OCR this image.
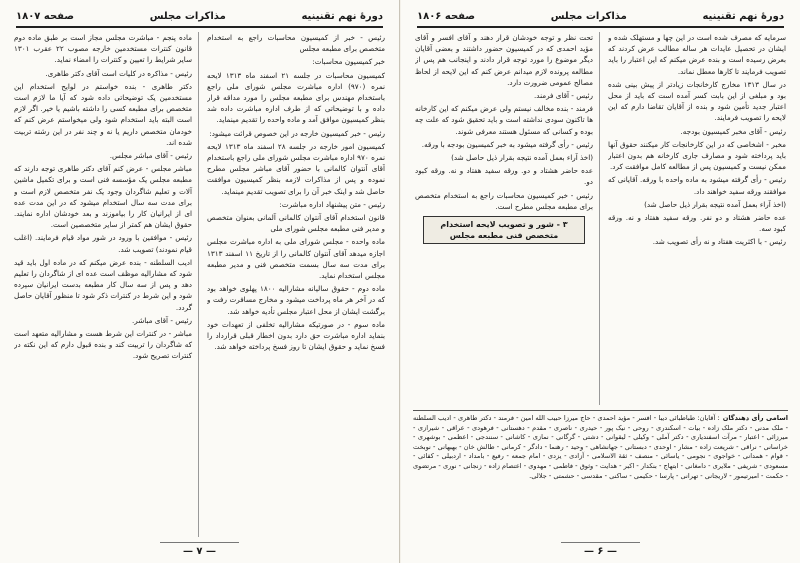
صفحه ۱۸۰۷	مذاکرات مجلس	دورهٔ نهم تقنینیه

رئیس - خبر از کمیسیون محاسبات راجع به استخدام متخصص برای مطبعه مجلس

خبر کمیسیون محاسبات:

کمیسیون محاسبات در جلسه ۲۱ اسفند ماه ۱۳۱۳ لایحه نمره (۹۷۰) اداره مباشرت مجلس شورای ملی راجع باستخدام مهندس برای مطبعه مجلس را مورد مداقه قرار داده و با توضیحاتی که از طرف اداره مباشرت داده شد بنظر کمیسیون موافق آمد و ماده واحده را تقدیم مینماید.

رئیس - خبر کمیسیون خارجه در این خصوص قرائت میشود:

کمیسیون امور خارجه در جلسه ۲۸ اسفند ماه ۱۳۱۳ لایحه نمره ۹۷۰ اداره مباشرت مجلس شورای ملی راجع باستخدام آقای آنتوان کالمانی با حضور آقای مباشر مجلس مطرح نموده و پس از مذاکرات لازمه بنظر کمیسیون موافقت حاصل شد و اینک خبر آن را برای تصویب تقدیم مینماید.

رئیس - متن پیشنهاد اداره مباشرت:

قانون استخدام آقای آنتوان کالمانی آلمانی بعنوان متخصص و مدیر فنی مطبعه مجلس شورای ملی

ماده واحده - مجلس شورای ملی به اداره مباشرت مجلس اجازه میدهد آقای آنتوان کالمانی را از تاریخ ۱۱ اسفند ۱۳۱۳ برای مدت سه سال بسمت متخصص فنی و مدیر مطبعه مجلس استخدام نماید.

ماده دوم - حقوق سالیانه مشارالیه ۱۸۰۰ پهلوی خواهد بود که در آخر هر ماه پرداخت میشود و مخارج مسافرت رفت و برگشت ایشان از محل اعتبار مجلس تأدیه خواهد شد.

ماده سوم - در صورتیکه مشارالیه تخلفی از تعهدات خود بنماید اداره مباشرت حق دارد بدون اخطار قبلی قرارداد را فسخ نماید و حقوق ایشان تا روز فسخ پرداخته خواهد شد.

ماده پنجم - مباشرت مجلس مجاز است بر طبق ماده دوم قانون کنترات مستخدمین خارجه مصوب ۲۲ عقرب ۱۳۰۱ سایر شرایط را تعیین و کنترات را امضاء نماید.

رئیس - مذاکره در کلیات است آقای دکتر طاهری.

دکتر طاهری - بنده خواستم در لوایح استخدام این مستخدمین یک توضیحاتی داده شود که آیا ما لازم است متخصص برای مطبعه کسی را داشته باشیم یا خیر. اگر لازم است البته باید استخدام شود ولی میخواستم عرض کنم که خودمان متخصص داریم یا نه و چند نفر در این رشته تربیت شده اند.

رئیس - آقای مباشر مجلس.

مباشر مجلس - عرض کنم آقای دکتر طاهری توجه دارند که مطبعه مجلس یک مؤسسه فنی است و برای تکمیل ماشین آلات و تعلیم شاگردان وجود یک نفر متخصص لازم است و برای مدت سه سال استخدام میشود که در این مدت عده ای از ایرانیان کار را بیاموزند و بعد خودشان اداره نمایند. حقوق ایشان هم کمتر از سایر متخصصین است.

رئیس - موافقین با ورود در شور مواد قیام فرمایند. (اغلب قیام نمودند) تصویب شد.

ادیب السلطنه - بنده عرض میکنم که در ماده اول باید قید شود که مشارالیه موظف است عده ای از شاگردان را تعلیم دهد و پس از سه سال کار مطبعه بدست ایرانیان سپرده شود و این شرط در کنترات ذکر شود تا منظور آقایان حاصل گردد.

رئیس - آقای مباشر.

مباشر - در کنترات این شرط هست و مشارالیه متعهد است که شاگردان را تربیت کند و بنده قبول دارم که این نکته در کنترات تصریح شود.

— ۷ —
صفحه ۱۸۰۶	مذاکرات مجلس	دورهٔ نهم تقنینیه

سرمایه که مصرف شده است در این چها و مستهلک شده و ایشان در تحصیل عایدات هر ساله مطالب عرض کردند که بعرض رسیده است و بنده عرض میکنم که این اعتبار را باید تصویب فرمایند تا کارها معطل نماند.

در سال ۱۳۱۳ مخارج کارخانجات زیادتر از پیش بینی شده بود و مبلغی از این بابت کسر آمده است که باید از محل اعتبار جدید تأمین شود و بنده از آقایان تقاضا دارم که این لایحه را تصویب فرمایند.

رئیس - آقای مخبر کمیسیون بودجه.

مخبر - اشخاصی که در این کارخانجات کار میکنند حقوق آنها باید پرداخته شود و مصارف جاری کارخانه هم بدون اعتبار ممکن نیست و کمیسیون پس از مطالعه کامل موافقت کرد.

رئیس - رأی گرفته میشود به ماده واحده با ورقه. آقایانی که موافقند ورقه سفید خواهند داد.

(اخذ آراء بعمل آمده نتیجه بقرار ذیل حاصل شد)

عده حاضر هشتاد و دو نفر. ورقه سفید هفتاد و نه. ورقه کبود سه.

رئیس - با اکثریت هفتاد و نه رأی تصویب شد.

تحت نظر و توجه خودشان قرار دهند و آقای افسر و آقای مؤید احمدی که در کمیسیون حضور داشتند و بعضی آقایان دیگر موضوع را مورد توجه قرار دادند و اینجانب هم پس از مطالعه پرونده لازم میدانم عرض کنم که این لایحه از لحاظ مصالح عمومی ضرورت دارد.

رئیس - آقای فرمند.

فرمند - بنده مخالف نیستم ولی عرض میکنم که این کارخانه ها تاکنون سودی نداشته است و باید تحقیق شود که علت چه بوده و کسانی که مسئول هستند معرفی شوند.

رئیس - رأی گرفته میشود به خبر کمیسیون بودجه با ورقه.

(اخذ آراء بعمل آمده نتیجه بقرار ذیل حاصل شد)

عده حاضر هشتاد و دو. ورقه سفید هفتاد و نه. ورقه کبود دو.

رئیس - خبر کمیسیون محاسبات راجع به استخدام متخصص برای مطبعه مجلس مطرح است.

۳ - شور و تصویب لایحه استخدام متخصص فنی مطبعه مجلس
اسامی رأی دهندگان: آقایان: طباطبائی دیبا - افسر - مؤید احمدی - حاج میرزا حبیب الله امین - فرمند - دکتر طاهری - ادیب السلطنه - ملک مدنی - دکتر ملک زاده - بیات - اسکندری - روحی - نیک پور - حیدری - ناصری - مقدم - دهستانی - فرهودی - عراقی - شیرازی - میرزائی - اعتبار - مرآت اسفندیاری - دکتر آملی - وکیلی - لیقوانی - دشتی - گرگانی - نمازی - کاشانی - سنندجی - اعظمی - بوشهری - خراسانی - نراقی - شریعت زاده - مشار - اوحدی - دبستانی - جهانشاهی - وحید - رهنما - دادگر - کرمانی - طالش خان - بهبهانی - نوبخت - قوام - همدانی - خواجوی - نجومی - یاسائی - منصف - ثقة الاسلامی - آزادی - یزدی - امام جمعه - رفیع - بامداد - اردبیلی - کفائی - مسعودی - شریفی - ملایری - دامغانی - ابتهاج - بنکدار - اکبر - هدایت - وثوق - فاطمی - مهدوی - اعتصام زاده - زنجانی - نوری - مرتضوی - حکمت - امیرتیمور - لاریجانی - تهرانی - پارسا - حکیمی - ساکنی - مقدسی - حشمتی - جلالی.
— ۶ —
